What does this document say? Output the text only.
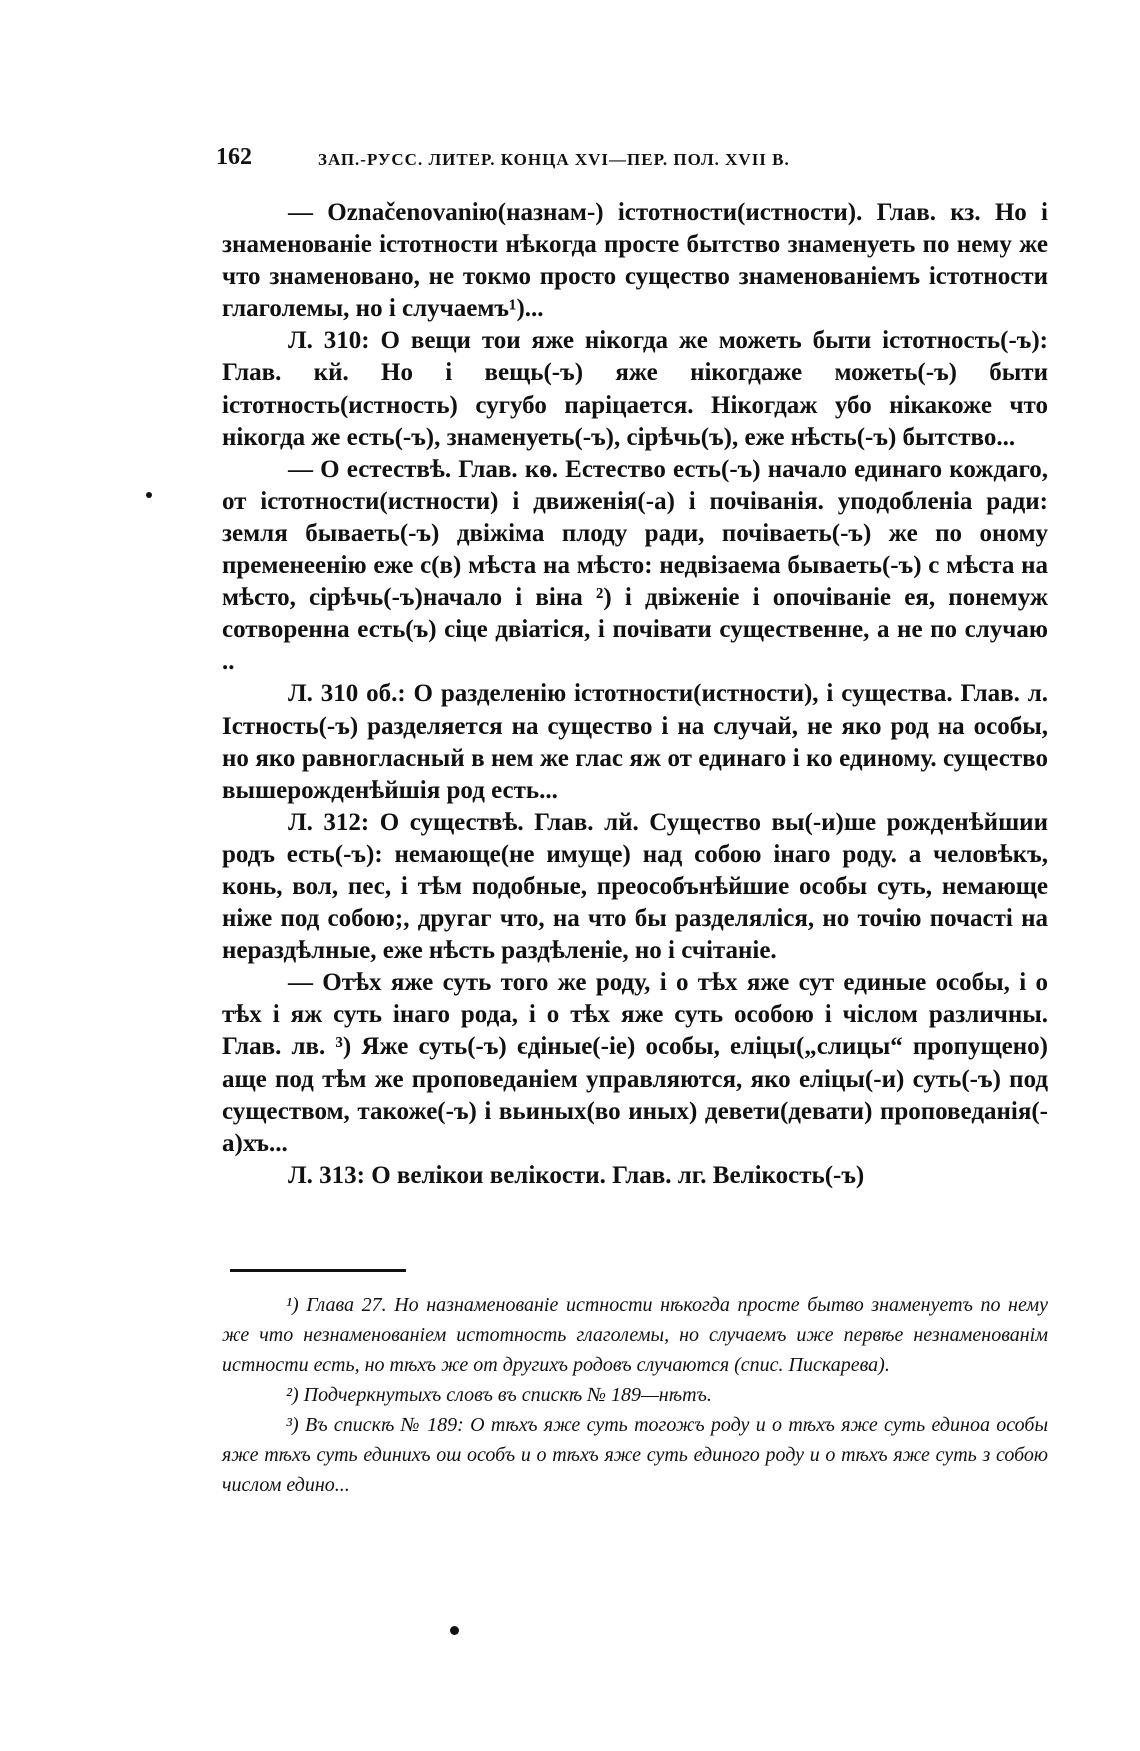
162	ЗАП.-РУСС. ЛИТЕР. КОНЦА XVI—ПЕР. ПОЛ. XVII В.

— Označenovanію(назнам-) істотности(истности). Глав. кз. Но і знаменованіе істотности нѣкогда просте бытство знаменуеть по нему же что знаменовано, не токмо просто существо знаменованіемъ істотности глаголемы, но і случаемъ¹)...

Л. 310: О вещи тои яже нікогда же можеть быти істотность(-ъ): Глав. кй. Но і вещь(-ъ) яже нікогдаже можеть(-ъ) быти істотность(истность) сугубо паріцается. Нікогдаж убо нікакоже что нікогда же есть(-ъ), знаменуеть(-ъ), сірѣчь(ъ), еже нѣсть(-ъ) бытство...

— О естествѣ. Глав. кѳ. Естество есть(-ъ) начало единаго кождаго, от істотности(истности) і движенія(-а) і почіванія. уподобленіа ради: земля бываеть(-ъ) двіжіма плоду ради, почіваеть(-ъ) же по оному пременеенію еже с(в) мѣста на мѣсто: недвізаема бываеть(-ъ) с мѣста на мѣсто, сірѣчь(-ъ)начало і віна ²) і двіженіе і опочіваніе ея, понемуж сотворенна есть(ъ) сіце двіатіся, і почівати существенне, а не по случаю ..

Л. 310 об.: О разделенію істотности(истности), і существа. Глав. л. Істность(-ъ) разделяется на существо і на случай, не яко род на особы, но яко равногласный в нем же глас яж от единаго і ко единому. существо вышерожденѣйшія род есть...

Л. 312: О существѣ. Глав. лй. Существо вы(-и)ше рожденѣйшии родъ есть(-ъ): немающе(не имуще) над собою інаго роду. а человѣкъ, конь, вол, пес, і тѣм подобные, преособънѣйшие особы суть, немающе ніже под собою;, другаг что, на что бы разделяліся, но точію почасті на нераздѣлные, еже нѣсть раздѣленіе, но і счітаніе.

— Отѣх яже суть того же роду, і о тѣх яже сут единые особы, і о тѣх і яж суть інаго рода, і о тѣх яже суть особою і чіслом различны. Глав. лв. ³) Яже суть(-ъ) єдіные(-іе) особы, еліцы(„слицы“ пропущено) аще под тѣм же проповеданіем управляются, яко еліцы(-и) суть(-ъ) под существом, такоже(-ъ) і вьиных(во иных) девети(девати) проповеданія(-а)хъ...

Л. 313: О велікои велікости. Глав. лг. Велікость(-ъ)

¹) Глава 27. Но назнаменованіе истности нѣкогда просте бытво знаменуетъ по нему же что незнаменованіем истотность глаголемы, но случаемъ иже первѣе незнаменованім истности есть, но тѣхъ же от другихъ родовъ случаются (спис. Пискарева).

²) Подчеркнутыхъ словъ въ спискѣ № 189—нѣтъ.

³) Въ спискѣ № 189: О тѣхъ яже суть тогожъ роду и о тѣхъ яже суть единоа особы яже тѣхъ суть единихъ ош особъ и о тѣхъ яже суть единого роду и о тѣхъ яже суть з собою числом едино...
